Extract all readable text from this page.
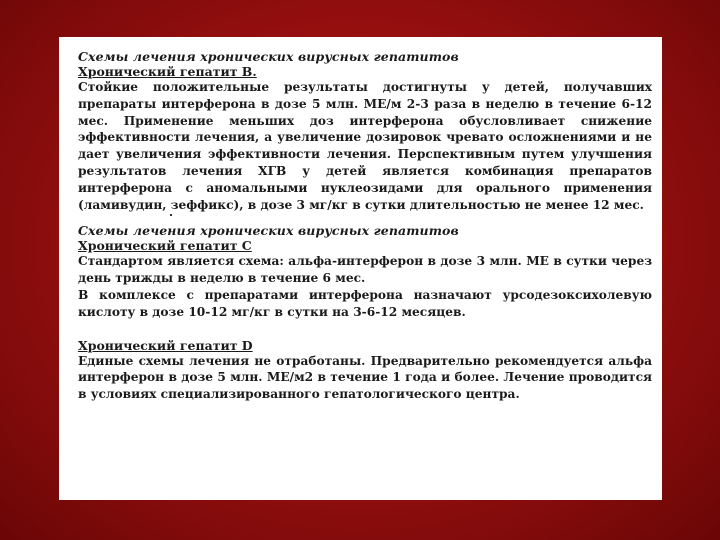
Схемы лечения хронических вирусных гепатитов
Хронический гепатит В.

Стойкие положительные результаты достигнуты у детей, получавших препараты интерферона в дозе 5 млн. МЕ/м 2-3 раза в неделю в течение 6-12 мес. Применение меньших доз интерферона обусловливает снижение эффективности лечения, а увеличение дозировок чревато осложнениями и не дает увеличения эффективности лечения. Перспективным путем улучшения результатов лечения ХГВ у детей является комбинация препаратов интерферона с аномальными нуклеозидами для орального применения (ламивудин, зеффикс), в дозе 3 мг/кг в сутки длительностью не менее 12 мес.

Схемы лечения хронических вирусных гепатитов
Хронический гепатит С

Стандартом является схема: альфа-интерферон в дозе 3 млн. МЕ в сутки через день трижды в неделю в течение 6 мес.

В комплексе с препаратами интерферона назначают урсодезоксихолевую кислоту в дозе 10-12 мг/кг в сутки на 3-6-12 месяцев.

Хронический гепатит D

Единые схемы лечения не отработаны. Предварительно рекомендуется альфа интерферон в дозе 5 млн. МЕ/м2 в течение 1 года и более. Лечение проводится в условиях специализированного гепатологического центра.
